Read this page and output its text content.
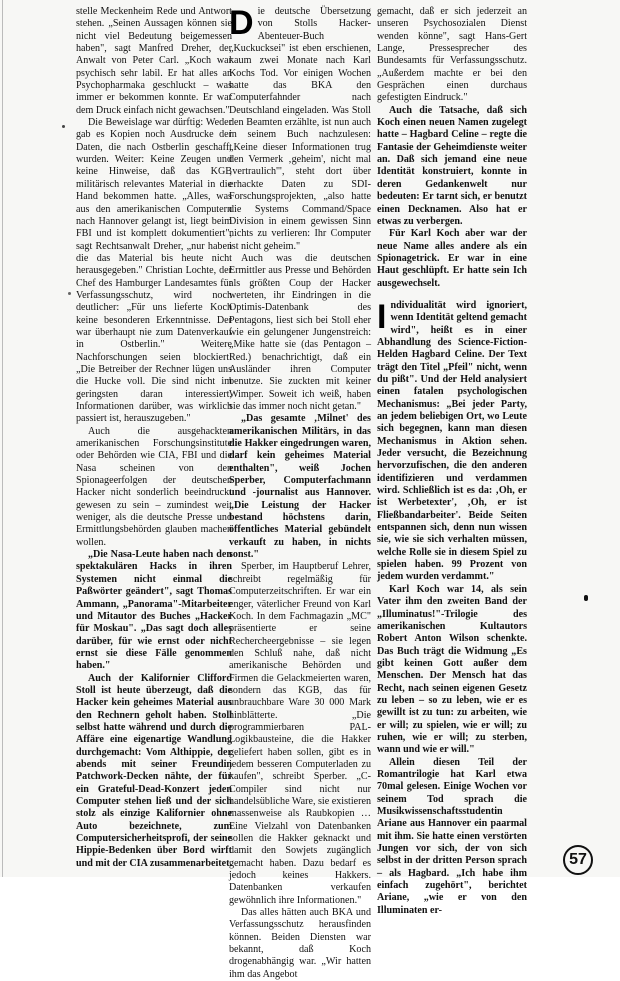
stelle Meckenheim Rede und Antwort stehen. „Seinen Aussagen können sie nicht viel Bedeutung beigemessen haben", sagt Manfred Dreher, der Anwalt von Peter Carl. „Koch war psychisch sehr labil. Er hat alles an Psychopharmaka geschluckt – was immer er bekommen konnte. Er war dem Druck einfach nicht gewachsen."

Die Beweislage war dürftig: Weder gab es Kopien noch Ausdrucke der Daten, die nach Ostberlin geschafft wurden. Weiter: Keine Zeugen und keine Hinweise, daß das KGB militärisch relevantes Material in die Hand bekommen hatte. „Alles, was aus den amerikanischen Computern nach Hannover gelangt ist, liegt beim FBI und ist komplett dokumentiert", sagt Rechtsanwalt Dreher, „nur haben die das Material bis heute nicht herausgegeben." Christian Lochte, der Chef des Hamburger Landesamtes für Verfassungsschutz, wird noch deutlicher: „Für uns lieferte Koch keine besonderen Erkenntnisse. Der war überhaupt nie zum Datenverkauf in Ostberlin." Weitere Nachforschungen seien blockiert: „Die Betreiber der Rechner lügen uns die Hucke voll. Die sind nicht im geringsten daran interessiert, Informationen darüber, was wirklich passiert ist, herauszugeben."

Auch die ausgehackten amerikanischen Forschungsinstitute oder Behörden wie CIA, FBI und die Nasa scheinen von den Spionageerfolgen der deutschen Hacker nicht sonderlich beeindruckt gewesen zu sein – zumindest weit weniger, als die deutsche Presse und Ermittlungsbehörden glauben machen wollen.

„Die Nasa-Leute haben nach den spektakulären Hacks in ihren Systemen nicht einmal die Paßwörter geändert", sagt Thomas Ammann, „Panorama"-Mitarbeiter und Mitautor des Buches „Hacker für Moskau". „Das sagt doch alles darüber, für wie ernst oder nicht ernst sie diese Fälle genommen haben."

Auch der Kalifornier Clifford Stoll ist heute überzeugt, daß die Hacker kein geheimes Material aus den Rechnern geholt haben. Stoll selbst hatte während und durch die Affäre eine eigenartige Wandlung durchgemacht: Vom Althippie, der abends mit seiner Freundin Patchwork-Decken nähte, der für ein Grateful-Dead-Konzert jeden Computer stehen ließ und der sich stolz als einzige Kalifornier ohne Auto bezeichnete, zum Computersicherheitsprofi, der seine Hippie-Bedenken über Bord wirft und mit der CIA zusammenarbeitet.

Die deutsche Übersetzung von Stolls Hacker-Abenteuer-Buch „Kuckucksei" ist eben erschienen, kaum zwei Monate nach Karl Kochs Tod. Vor einigen Wochen hatte das BKA den Computerfahnder nach Deutschland eingeladen. Was Stoll den Beamten erzählte, ist nun auch in seinem Buch nachzulesen: „Keine dieser Informationen trug den Vermerk ‚geheim', nicht mal ‚vertraulich'", steht dort über erhackte Daten zu SDI-Forschungsprojekten, „also hatte die Systems Command/Space Division in einem gewissen Sinn nichts zu verlieren: Ihr Computer ist nicht geheim."

Auch was die deutschen Ermittler aus Presse und Behörden als größten Coup der Hacker werteten, ihr Eindringen in die Optimis-Datenbank des Pentagons, liest sich bei Stoll eher wie ein gelungener Jungenstreich: „Mike hatte sie (das Pentagon – Red.) benachrichtigt, daß ein Ausländer ihren Computer benutze. Sie zuckten mit keiner Wimper. Soweit ich weiß, haben sie das immer noch nicht getan."

„Das gesamte ‚Milnet' des amerikanischen Militärs, in das die Hakker eingedrungen waren, darf kein geheimes Material enthalten", weiß Jochen Sperber, Computerfachmann und -journalist aus Hannover. „Die Leistung der Hacker bestand höchstens darin, öffentliches Material gebündelt verkauft zu haben, in nichts sonst."

Sperber, im Hauptberuf Lehrer, schreibt regelmäßig für Computerzeitschriften. Er war ein enger, väterlicher Freund von Karl Koch. In dem Fachmagazin „MC" präsentierte er seine Rechercheergebnisse – sie legen den Schluß nahe, daß nicht amerikanische Behörden und Firmen die Gelackmeierten waren, sondern das KGB, das für unbrauchbare Ware 30 000 Mark hinblätterte. „Die programmierbaren PAL-Logikbausteine, die die Hakker geliefert haben sollen, gibt es in jedem besseren Computerladen zu kaufen", schreibt Sperber. „C-Compiler sind nicht nur handelsübliche Ware, sie existieren massenweise als Raubkopien … Eine Vielzahl von Datenbanken sollen die Hakker geknackt und damit den Sowjets zugänglich gemacht haben. Dazu bedarf es jedoch keines Hakkers. Datenbanken verkaufen gewöhnlich ihre Informationen."

Das alles hätten auch BKA und Verfassungsschutz herausfinden können. Beiden Diensten war bekannt, daß Koch drogenabhängig war. „Wir hatten ihm das Angebot

gemacht, daß er sich jederzeit an unseren Psychosozialen Dienst wenden könne", sagt Hans-Gert Lange, Pressesprecher des Bundesamts für Verfassungsschutz. „Außerdem machte er bei den Gesprächen einen durchaus gefestigten Eindruck."

Auch die Tatsache, daß sich Koch einen neuen Namen zugelegt hatte – Hagbard Celine – regte die Fantasie der Geheimdienste weiter an. Daß sich jemand eine neue Identität konstruiert, konnte in deren Gedankenwelt nur bedeuten: Er tarnt sich, er benutzt einen Decknamen. Also hat er etwas zu verbergen.

Für Karl Koch aber war der neue Name alles andere als ein Spionagetrick. Er war in eine Haut geschlüpft. Er hatte sein Ich ausgewechselt.

Individualität wird ignoriert, wenn Identität geltend gemacht wird", heißt es in einer Abhandlung des Science-Fiction-Helden Hagbard Celine. Der Text trägt den Titel „Pfeil" nicht, wenn du pißt". Und der Held analysiert einen fatalen psychologischen Mechanismus: „Bei jeder Party, an jedem beliebigen Ort, wo Leute sich begegnen, kann man diesen Mechanismus in Aktion sehen. Jeder versucht, die Bezeichnung hervorzufischen, die den anderen identifizieren und verdammen wird. Schließlich ist es da: ‚Oh, er ist Werbetexter', ‚Oh, er ist Fließbandarbeiter'. Beide Seiten entspannen sich, denn nun wissen sie, wie sie sich verhalten müssen, welche Rolle sie in diesem Spiel zu spielen haben. 99 Prozent von jedem wurden verdammt."

Karl Koch war 14, als sein Vater ihm den zweiten Band der „Illuminatus!"-Trilogie des amerikanischen Kultautors Robert Anton Wilson schenkte. Das Buch trägt die Widmung „Es gibt keinen Gott außer dem Menschen. Der Mensch hat das Recht, nach seinen eigenen Gesetz zu leben – so zu leben, wie er es gewillt ist zu tun: zu arbeiten, wie er will; zu spielen, wie er will; zu ruhen, wie er will; zu sterben, wann und wie er will."

Allein diesen Teil der Romantrilogie hat Karl etwa 70mal gelesen. Einige Wochen vor seinem Tod sprach die Musikwissenschaftsstudentin Ariane aus Hannover ein paarmal mit ihm. Sie hatte einen verstörten Jungen vor sich, der von sich selbst in der dritten Person sprach – als Hagbard. „Ich habe ihm einfach zugehört", berichtet Ariane, „wie er von den Illuminaten er-

57
